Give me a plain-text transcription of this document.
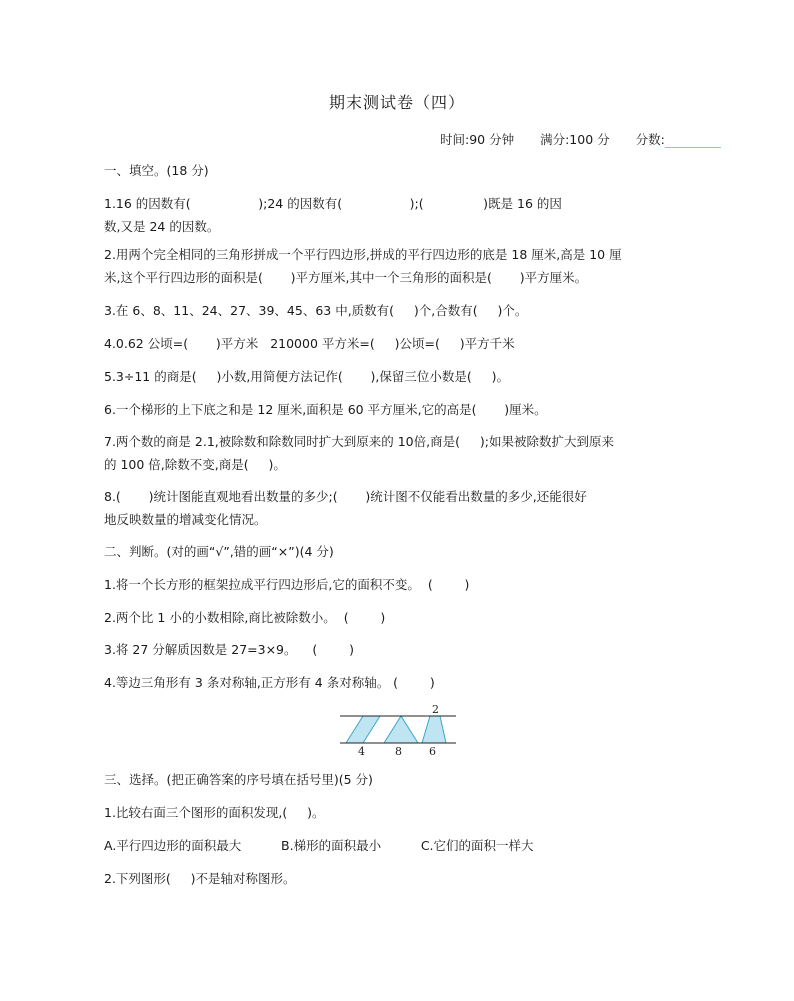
期末测试卷（四）
时间:90 分钟 满分:100 分 分数:
一、填空。(18 分)
1.16 的因数有(                 );24 的因数有(                 );(               )既是 16 的因
数,又是 24 的因数。
2.用两个完全相同的三角形拼成一个平行四边形,拼成的平行四边形的底是 18 厘米,高是 10 厘
米,这个平行四边形的面积是(       )平方厘米,其中一个三角形的面积是(       )平方厘米。
3.在 6、8、11、24、27、39、45、63 中,质数有(     )个,合数有(     )个。
4.0.62 公顷=(       )平方米   210000 平方米=(     )公顷=(     )平方千米
5.3÷11 的商是(     )小数,用简便方法记作(       ),保留三位小数是(     )。
6.一个梯形的上下底之和是 12 厘米,面积是 60 平方厘米,它的高是(       )厘米。
7.两个数的商是 2.1,被除数和除数同时扩大到原来的 10倍,商是(     );如果被除数扩大到原来
的 100 倍,除数不变,商是(     )。
8.(       )统计图能直观地看出数量的多少;(       )统计图不仅能看出数量的多少,还能很好
地反映数量的增减变化情况。
二、判断。(对的画“√”,错的画“×”)(4 分)
1.将一个长方形的框架拉成平行四边形后,它的面积不变。  (        )
2.两个比 1 小的小数相除,商比被除数小。  (        )
3.将 27 分解质因数是 27=3×9。    (        )
4.等边三角形有 3 条对称轴,正方形有 4 条对称轴。 (        )
2
4	8 6
三、选择。(把正确答案的序号填在括号里)(5 分)
1.比较右面三个图形的面积发现,(     )。
A.平行四边形的面积最大          B.梯形的面积最小          C.它们的面积一样大
2.下列图形(     )不是轴对称图形。
